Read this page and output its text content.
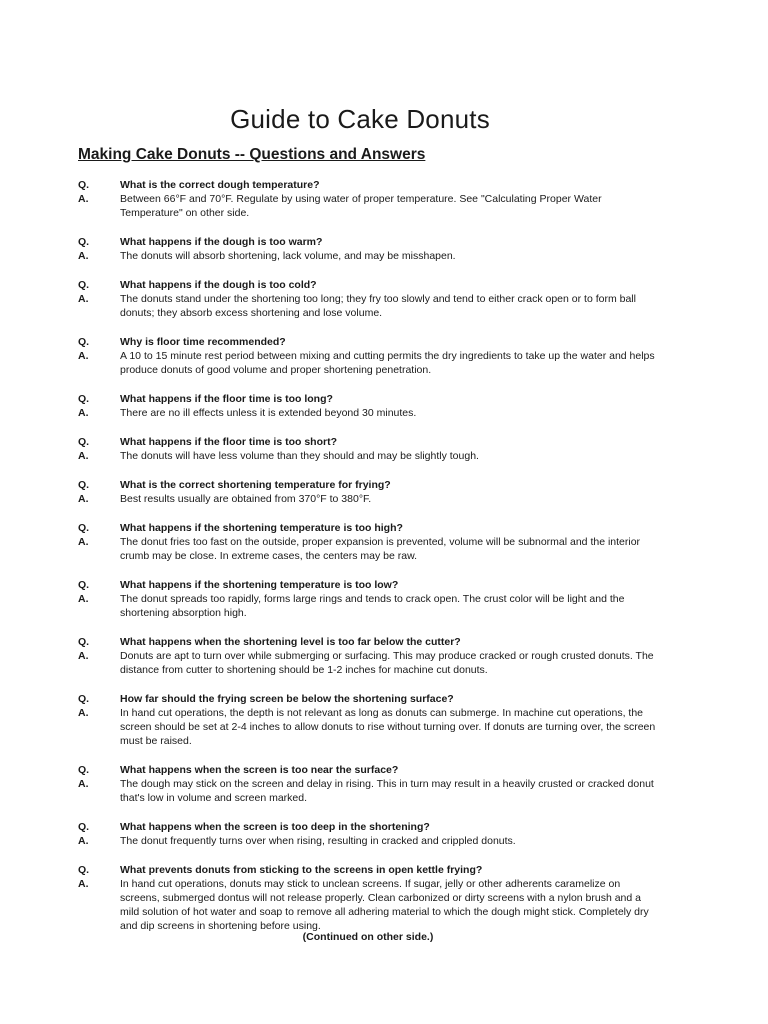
Guide to Cake Donuts
Making Cake Donuts -- Questions and Answers
Q.	What is the correct dough temperature?
A.	Between 66°F and 70°F. Regulate by using water of proper temperature. See "Calculating Proper Water Temperature" on other side.
Q.	What happens if the dough is too warm?
A.	The donuts will absorb shortening, lack volume, and may be misshapen.
Q.	What happens if the dough is too cold?
A.	The donuts stand under the shortening too long; they fry too slowly and tend to either crack open or to form ball donuts; they absorb excess shortening and lose volume.
Q.	Why is floor time recommended?
A.	A 10 to 15 minute rest period between mixing and cutting permits the dry ingredients to take up the water and helps produce donuts of good volume and proper shortening penetration.
Q.	What happens if the floor time is too long?
A.	There are no ill effects unless it is extended beyond 30 minutes.
Q.	What happens if the floor time is too short?
A.	The donuts will have less volume than they should and may be slightly tough.
Q.	What is the correct shortening temperature for frying?
A.	Best results usually are obtained from 370°F to 380°F.
Q.	What happens if the shortening temperature is too high?
A.	The donut fries too fast on the outside, proper expansion is prevented, volume will be subnormal and the interior crumb may be close. In extreme cases, the centers may be raw.
Q.	What happens if the shortening temperature is too low?
A.	The donut spreads too rapidly, forms large rings and tends to crack open. The crust color will be light and the shortening absorption high.
Q.	What happens when the shortening level is too far below the cutter?
A.	Donuts are apt to turn over while submerging or surfacing. This may produce cracked or rough crusted donuts. The distance from cutter to shortening should be 1-2 inches for machine cut donuts.
Q.	How far should the frying screen be below the shortening surface?
A.	In hand cut operations, the depth is not relevant as long as donuts can submerge. In machine cut operations, the screen should be set at 2-4 inches to allow donuts to rise without turning over. If donuts are turning over, the screen must be raised.
Q.	What happens when the screen is too near the surface?
A.	The dough may stick on the screen and delay in rising. This in turn may result in a heavily crusted or cracked donut that's low in volume and screen marked.
Q.	What happens when the screen is too deep in the shortening?
A.	The donut frequently turns over when rising, resulting in cracked and crippled donuts.
Q.	What prevents donuts from sticking to the screens in open kettle frying?
A.	In hand cut operations, donuts may stick to unclean screens. If sugar, jelly or other adherents caramelize on screens, submerged dontus will not release properly. Clean carbonized or dirty screens with a nylon brush and a mild solution of hot water and soap to remove all adhering material to which the dough might stick. Completely dry and dip screens in shortening before using.
(Continued on other side.)
